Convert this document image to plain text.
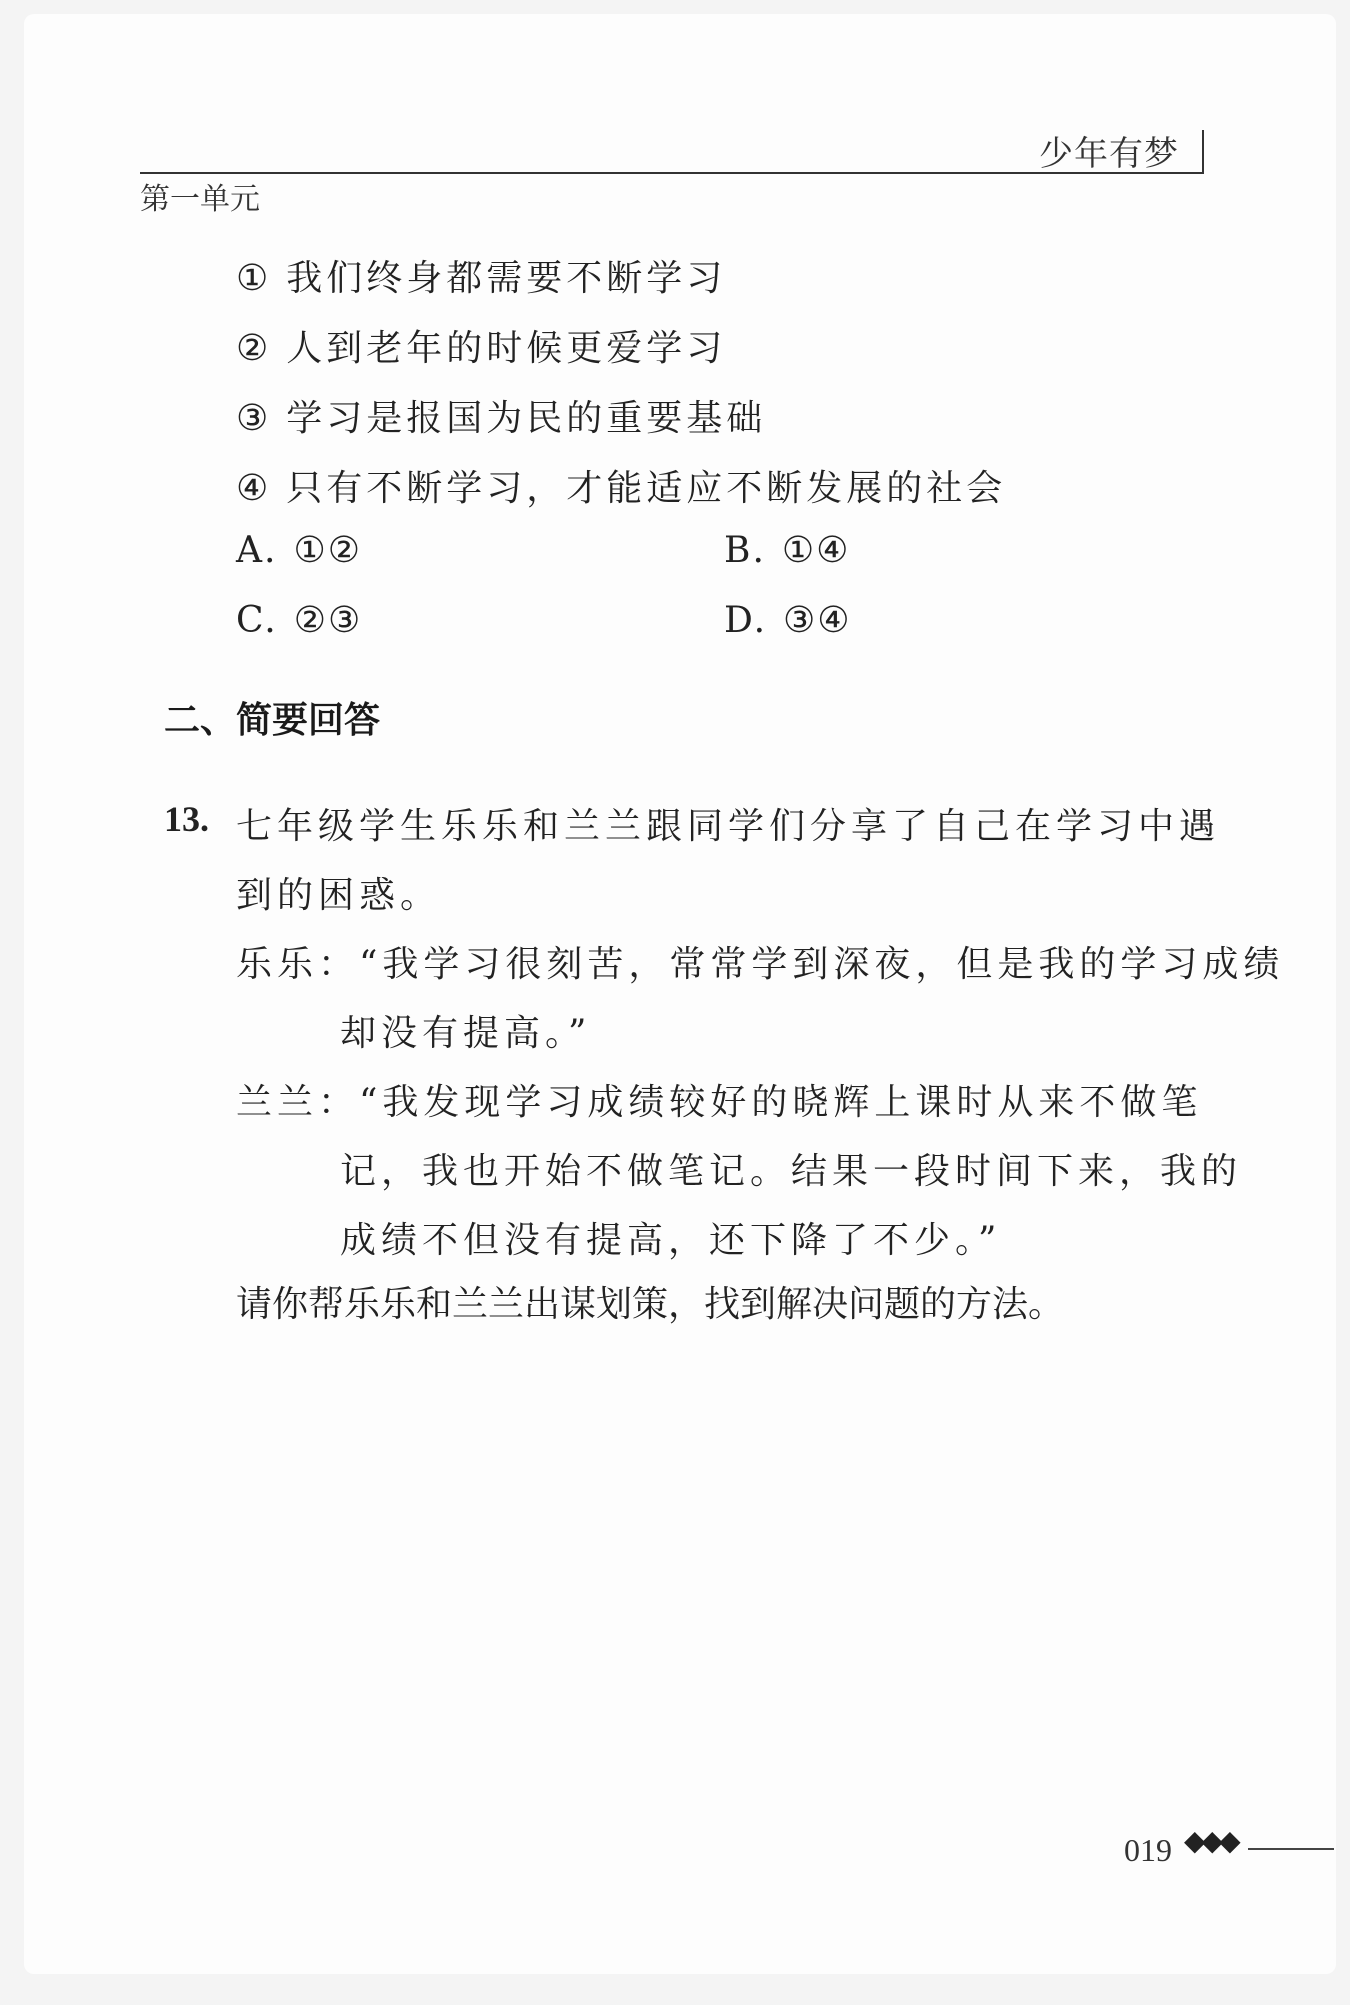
少年有梦
第一单元
① 我们终身都需要不断学习
② 人到老年的时候更爱学习
③ 学习是报国为民的重要基础
④ 只有不断学习，才能适应不断发展的社会
A. ①②	B. ①④
C. ②③	D. ③④
二、简要回答
13. 七年级学生乐乐和兰兰跟同学们分享了自己在学习中遇
到的困惑。
乐乐：“我学习很刻苦，常常学到深夜，但是我的学习成绩
却没有提高。”
兰兰：“我发现学习成绩较好的晓辉上课时从来不做笔
记，我也开始不做笔记。结果一段时间下来，我的
成绩不但没有提高，还下降了不少。”
请你帮乐乐和兰兰出谋划策，找到解决问题的方法。
019 ◆◆◆
